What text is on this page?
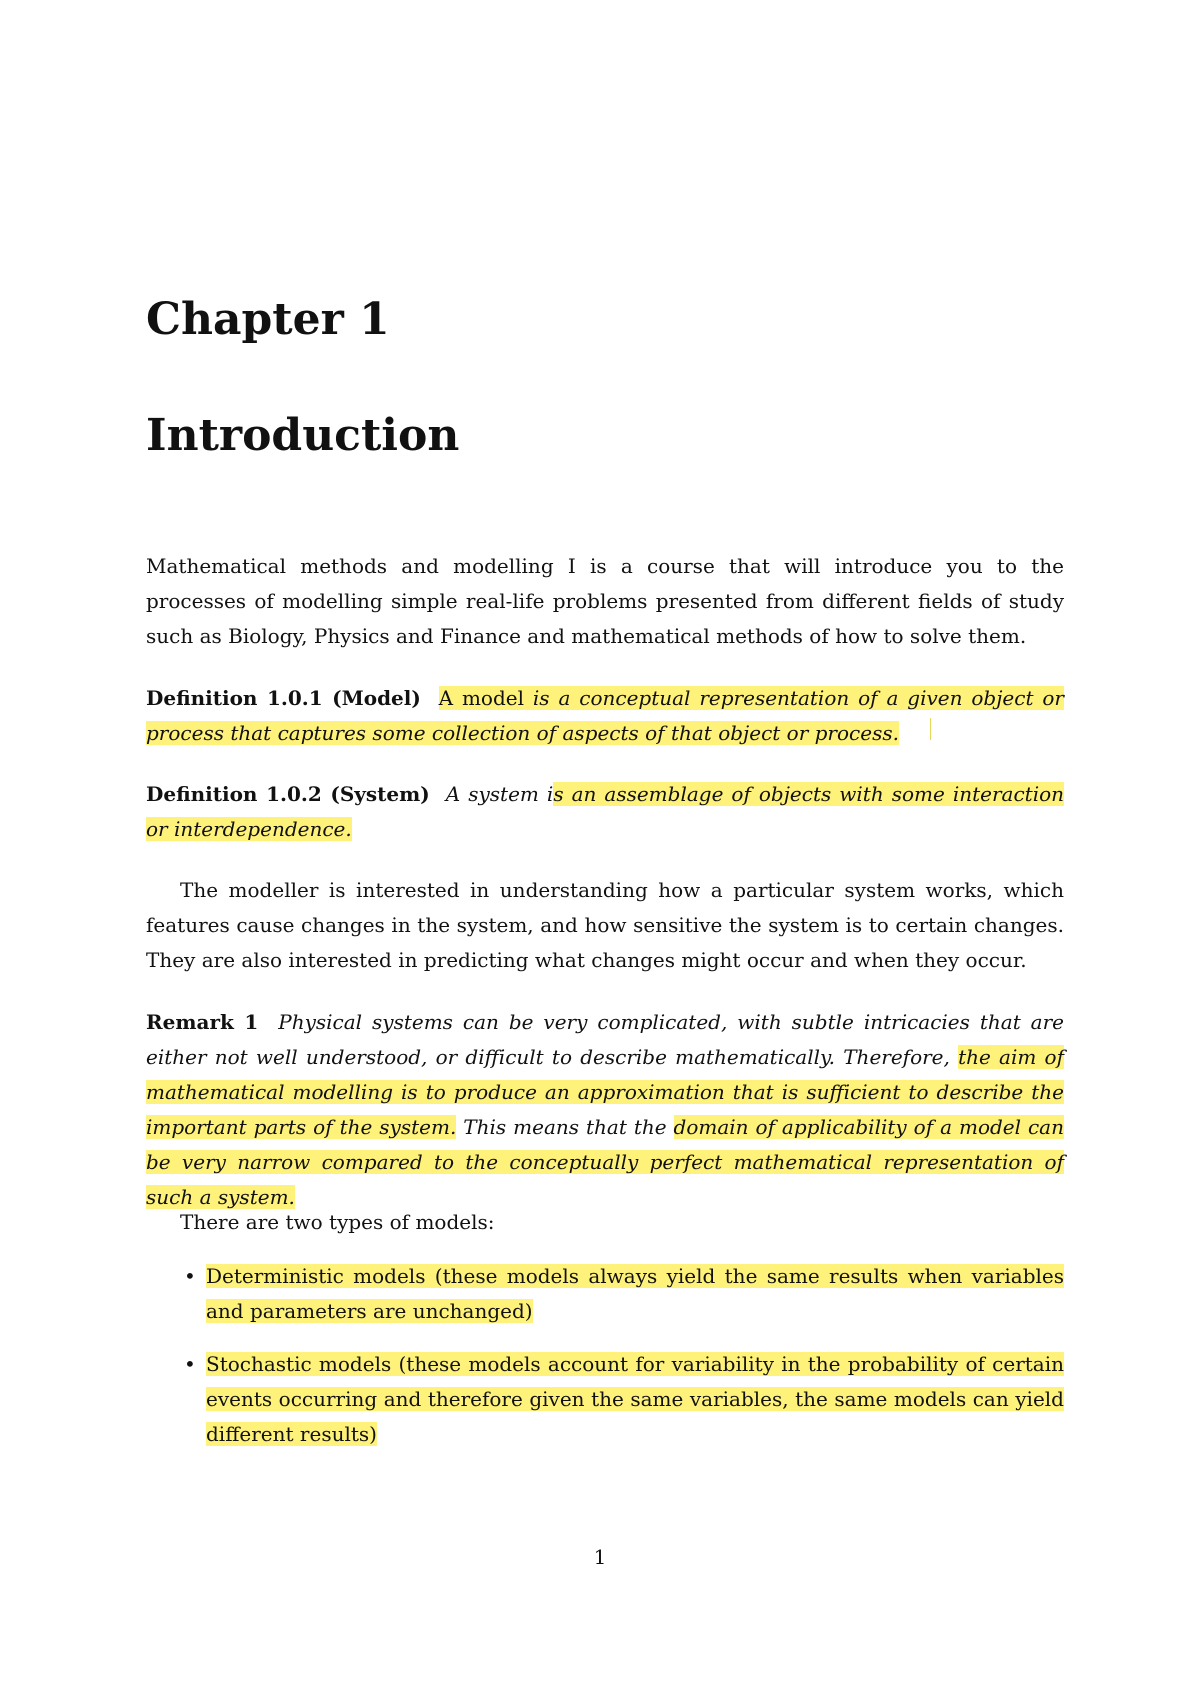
Chapter 1
Introduction

Mathematical methods and modelling I is a course that will introduce you to the processes of modelling simple real-life problems presented from different fields of study such as Biology, Physics and Finance and mathematical methods of how to solve them.

Definition 1.0.1 (Model) A model is a conceptual representation of a given object or process that captures some collection of aspects of that object or process.

Definition 1.0.2 (System) A system is an assemblage of objects with some interaction or interdependence.

The modeller is interested in understanding how a particular system works, which features cause changes in the system, and how sensitive the system is to certain changes. They are also interested in predicting what changes might occur and when they occur.

Remark 1 Physical systems can be very complicated, with subtle intricacies that are either not well understood, or difficult to describe mathematically. Therefore, the aim of mathematical modelling is to produce an approximation that is sufficient to describe the important parts of the system. This means that the domain of applicability of a model can be very narrow compared to the conceptually perfect mathematical representation of such a system.

There are two types of models:

• Deterministic models (these models always yield the same results when variables and parameters are unchanged)
• Stochastic models (these models account for variability in the probability of certain events occurring and therefore given the same variables, the same models can yield different results)
1
